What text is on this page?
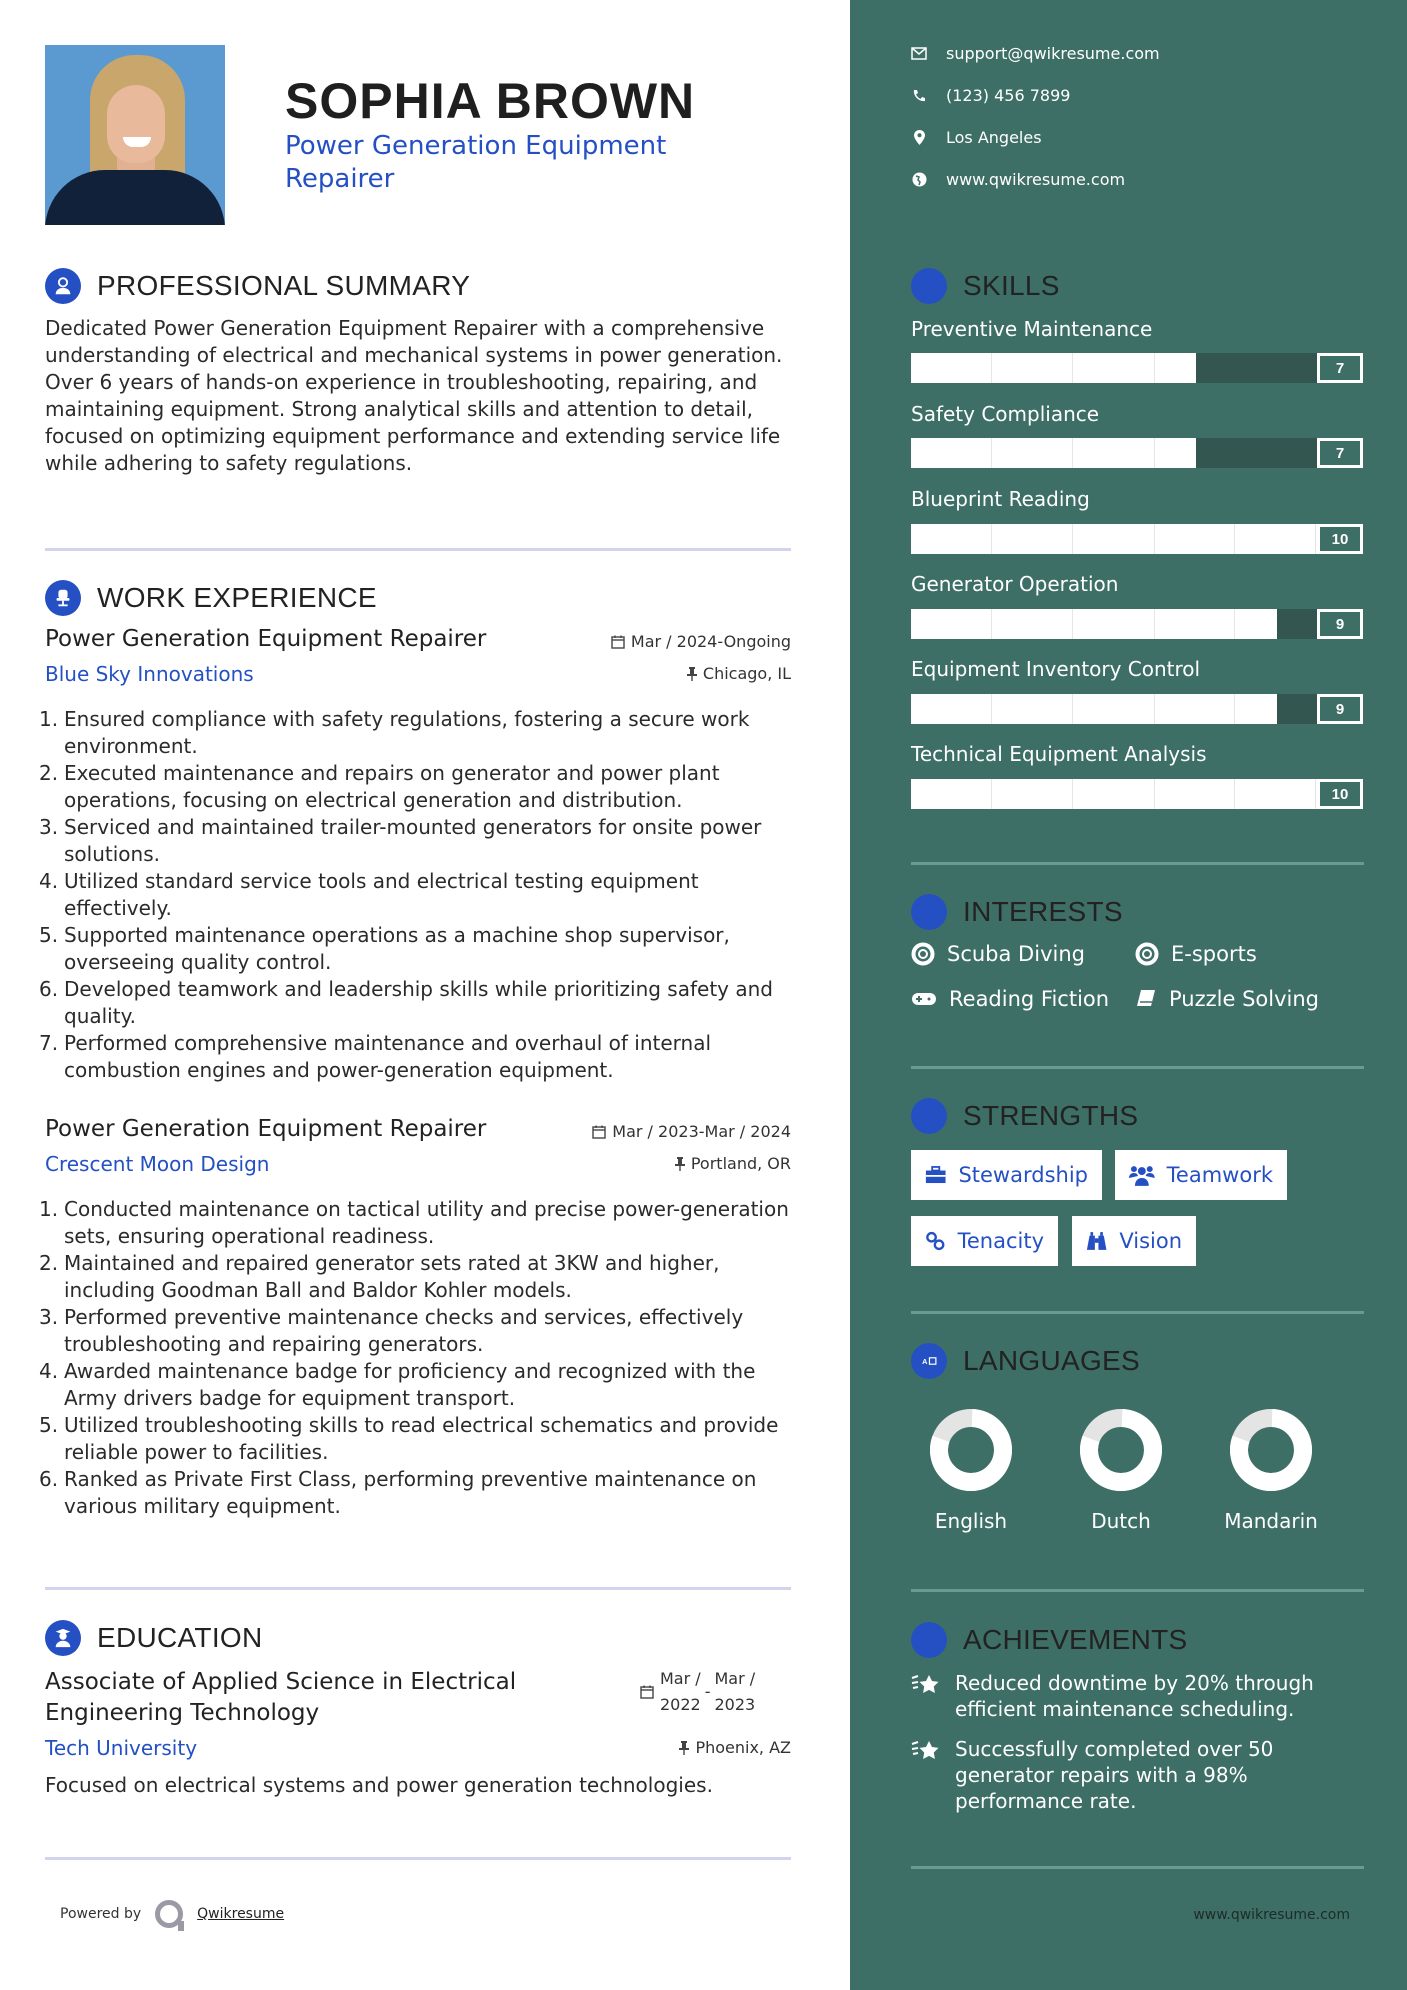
SOPHIA BROWN
Power Generation Equipment Repairer
PROFESSIONAL SUMMARY
Dedicated Power Generation Equipment Repairer with a comprehensive understanding of electrical and mechanical systems in power generation. Over 6 years of hands-on experience in troubleshooting, repairing, and maintaining equipment. Strong analytical skills and attention to detail, focused on optimizing equipment performance and extending service life while adhering to safety regulations.
WORK EXPERIENCE
Power Generation Equipment Repairer
Blue Sky Innovations
Mar / 2024-Ongoing
Chicago, IL
1. Ensured compliance with safety regulations, fostering a secure work environment.
2. Executed maintenance and repairs on generator and power plant operations, focusing on electrical generation and distribution.
3. Serviced and maintained trailer-mounted generators for onsite power solutions.
4. Utilized standard service tools and electrical testing equipment effectively.
5. Supported maintenance operations as a machine shop supervisor, overseeing quality control.
6. Developed teamwork and leadership skills while prioritizing safety and quality.
7. Performed comprehensive maintenance and overhaul of internal combustion engines and power-generation equipment.
Power Generation Equipment Repairer
Crescent Moon Design
Mar / 2023-Mar / 2024
Portland, OR
1. Conducted maintenance on tactical utility and precise power-generation sets, ensuring operational readiness.
2. Maintained and repaired generator sets rated at 3KW and higher, including Goodman Ball and Baldor Kohler models.
3. Performed preventive maintenance checks and services, effectively troubleshooting and repairing generators.
4. Awarded maintenance badge for proficiency and recognized with the Army drivers badge for equipment transport.
5. Utilized troubleshooting skills to read electrical schematics and provide reliable power to facilities.
6. Ranked as Private First Class, performing preventive maintenance on various military equipment.
EDUCATION
Associate of Applied Science in Electrical
Engineering Technology
Mar /
2022
-
Mar /
2023
Tech University	Phoenix, AZ
Focused on electrical systems and power generation technologies.
Powered by	Qwikresume
support@qwikresume.com
(123) 456 7899
Los Angeles
www.qwikresume.com
SKILLS
Preventive Maintenance
7
Safety Compliance
7
Blueprint Reading
10
Generator Operation
9
Equipment Inventory Control
9
Technical Equipment Analysis
10
INTERESTS
Scuba Diving	E-sports
Reading Fiction	Puzzle Solving
STRENGTHS
Stewardship	Teamwork
Tenacity	Vision
A LANGUAGES
English	Dutch	Mandarin
ACHIEVEMENTS
Reduced downtime by 20% through efficient maintenance scheduling.
Successfully completed over 50 generator repairs with a 98% performance rate.
www.qwikresume.com
